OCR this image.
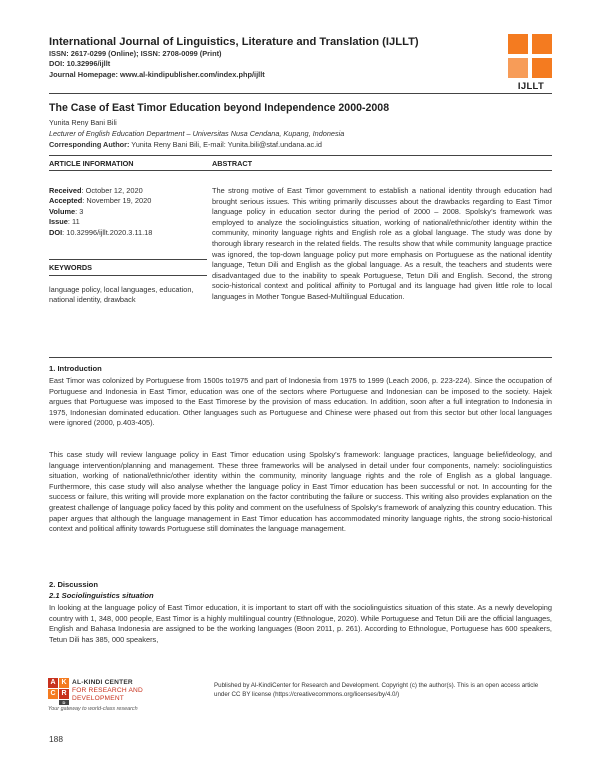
International Journal of Linguistics, Literature and Translation (IJLLT)
ISSN: 2617-0299 (Online); ISSN: 2708-0099 (Print)
DOI: 10.32996/ijllt
Journal Homepage: www.al-kindipublisher.com/index.php/ijllt
IJLLT
The Case of East Timor Education beyond Independence 2000-2008
Yunita Reny Bani Bili
Lecturer of English Education Department – Universitas Nusa Cendana, Kupang, Indonesia
Corresponding Author: Yunita Reny Bani Bili, E-mail: Yunita.bili@staf.undana.ac.id
ARTICLE INFORMATION	ABSTRACT
Received: October 12, 2020
Accepted: November 19, 2020
Volume: 3
Issue: 11
DOI: 10.32996/ijllt.2020.3.11.18
KEYWORDS
language policy, local languages, education, national identity, drawback
The strong motive of East Timor government to establish a national identity through education had brought serious issues. This writing primarily discusses about the drawbacks regarding to East Timor language policy in education sector during the period of 2000 – 2008. Spolsky’s framework was employed to analyze the sociolinguistics situation, working of national/ethnic/other identity within the community, minority language rights and English role as a global language. The study was done by thorough library research in the related fields. The results show that while community language practice was ignored, the top-down language policy put more emphasis on Portuguese as the national identity language, Tetun Dili and English as the global language. As a result, the teachers and students were disadvantaged due to the inability to speak Portuguese, Tetun Dili and English. Second, the strong socio-historical context and political affinity to Portugal and its language had given little role to local languages in Mother Tongue Based-Multilingual Education.
1. Introduction
East Timor was colonized by Portuguese from 1500s to1975 and part of Indonesia from 1975 to 1999 (Leach 2006, p. 223-224). Since the occupation of Portuguese and Indonesia in East Timor, education was one of the sectors where Portuguese and Indonesian can be imposed to the society. Hajek argues that Portuguese was imposed to the East Timorese by the provision of mass education. In addition, soon after a full integration to Indonesia in 1975, Indonesian dominated education. Other languages such as Portuguese and Chinese were phased out from this sector but other local languages were ignored (2000, p.403-405).
This case study will review language policy in East Timor education using Spolsky’s framework: language practices, language belief/ideology, and language intervention/planning and management. These three frameworks will be analysed in detail under four components, namely: sociolinguistics situation, working of national/ethnic/other identity within the community, minority language rights and the role of English as a global language. Furthermore, this case study will also analyse whether the language policy in East Timor education has been successful or not. In accounting for the success or failure, this writing will provide more explanation on the factor contributing the failure or success. This writing also provides explanation on the greatest challenge of language policy faced by this polity and comment on the usefulness of Spolsky’s framework of analyzing this country education. This paper argues that although the language management in East Timor education has accommodated minority language rights, the strong socio-historical context and political affinity towards Portuguese still dominates the language management.
2. Discussion
2.1 Sociolinguistics situation
In looking at the language policy of East Timor education, it is important to start off with the sociolinguistics situation of this state. As a newly developing country with 1, 348, 000 people, East Timor is a highly multilingual country (Ethnologue, 2020). While Portuguese and Tetun Dili are the official languages, English and Bahasa Indonesia are assigned to be the working languages (Boon 2011, p. 261). According to Ethnologue, Portuguese has 600 speakers, Tetun Dili has 385, 000 speakers,
A K
C R
D
AL-KINDI CENTER
FOR RESEARCH AND
DEVELOPMENT
Your gateway to world-class research
Published by Al-KindiCenter for Research and Development. Copyright (c) the author(s). This is an open access article under CC BY license (https://creativecommons.org/licenses/by/4.0/)
188
